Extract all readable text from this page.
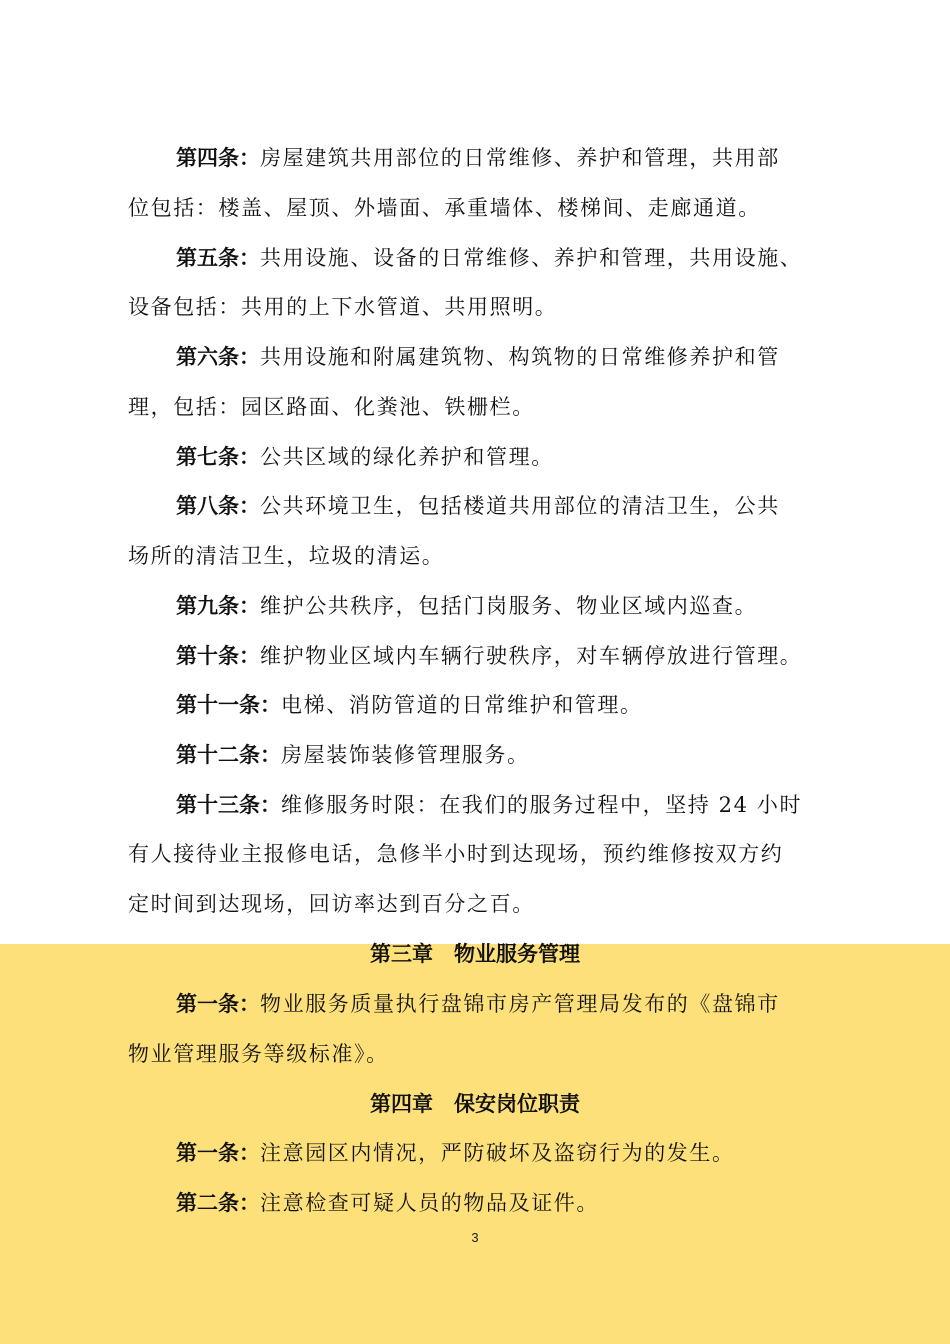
第四条：房屋建筑共用部位的日常维修、养护和管理，共用部
位包括：楼盖、屋顶、外墙面、承重墙体、楼梯间、走廊通道。
第五条：共用设施、设备的日常维修、养护和管理，共用设施、
设备包括：共用的上下水管道、共用照明。
第六条：共用设施和附属建筑物、构筑物的日常维修养护和管
理，包括：园区路面、化粪池、铁栅栏。
第七条：公共区域的绿化养护和管理。
第八条：公共环境卫生，包括楼道共用部位的清洁卫生，公共
场所的清洁卫生，垃圾的清运。
第九条：维护公共秩序，包括门岗服务、物业区域内巡查。
第十条：维护物业区域内车辆行驶秩序，对车辆停放进行管理。
第十一条：电梯、消防管道的日常维护和管理。
第十二条：房屋装饰装修管理服务。
第十三条：维修服务时限：在我们的服务过程中，坚持 24 小时
有人接待业主报修电话，急修半小时到达现场，预约维修按双方约
定时间到达现场，回访率达到百分之百。
第三章　物业服务管理
第一条：物业服务质量执行盘锦市房产管理局发布的《盘锦市
物业管理服务等级标准》。
第四章　保安岗位职责
第一条：注意园区内情况，严防破坏及盗窃行为的发生。
第二条：注意检查可疑人员的物品及证件。
3
